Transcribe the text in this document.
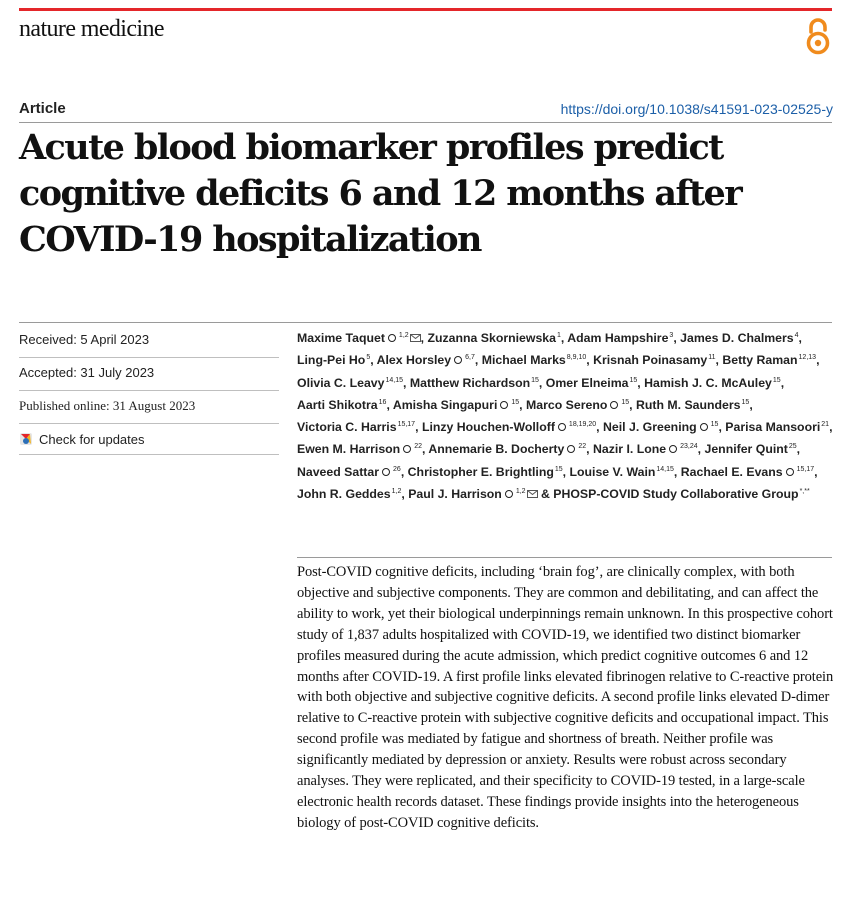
nature medicine
Article	https://doi.org/10.1038/s41591-023-02525-y
Acute blood biomarker profiles predict cognitive deficits 6 and 12 months after COVID-19 hospitalization
Received: 5 April 2023
Accepted: 31 July 2023
Published online: 31 August 2023
Check for updates
Maxime Taquet $^{1,2}$ , Zuzanna Skorniewska$^1$, Adam Hampshire$^3$, James D. Chalmers$^4$, Ling-Pei Ho$^5$, Alex Horsley $^{6,7}$, Michael Marks$^{8,9,10}$, Krisnah Poinasamy$^{11}$, Betty Raman$^{12,13}$, Olivia C. Leavy$^{14,15}$, Matthew Richardson$^{15}$, Omer Elneima$^{15}$, Hamish J. C. McAuley$^{15}$, Aarti Shikotra$^{16}$, Amisha Singapuri $^{15}$, Marco Sereno $^{15}$, Ruth M. Saunders$^{15}$, Victoria C. Harris$^{15,17}$, Linzy Houchen-Wolloff $^{18,19,20}$, Neil J. Greening $^{15}$, Parisa Mansoori$^{21}$, Ewen M. Harrison $^{22}$, Annemarie B. Docherty $^{22}$, Nazir I. Lone $^{23,24}$, Jennifer Quint$^{25}$, Naveed Sattar $^{26}$, Christopher E. Brightling$^{15}$, Louise V. Wain$^{14,15}$, Rachael E. Evans $^{15,17}$, John R. Geddes$^{1,2}$, Paul J. Harrison $^{1,2}$ & PHOSP-COVID Study Collaborative Group*,**

Post-COVID cognitive deficits, including ‘brain fog’, are clinically complex, with both objective and subjective components. They are common and debilitating, and can affect the ability to work, yet their biological underpinnings remain unknown. In this prospective cohort study of 1,837 adults hospitalized with COVID-19, we identified two distinct biomarker profiles measured during the acute admission, which predict cognitive outcomes 6 and 12 months after COVID-19. A first profile links elevated fibrinogen relative to C-reactive protein with both objective and subjective cognitive deficits. A second profile links elevated D-dimer relative to C-reactive protein with subjective cognitive deficits and occupational impact. This second profile was mediated by fatigue and shortness of breath. Neither profile was significantly mediated by depression or anxiety. Results were robust across secondary analyses. They were replicated, and their specificity to COVID-19 tested, in a large-scale electronic health records dataset. These findings provide insights into the heterogeneous biology of post-COVID cognitive deficits.
